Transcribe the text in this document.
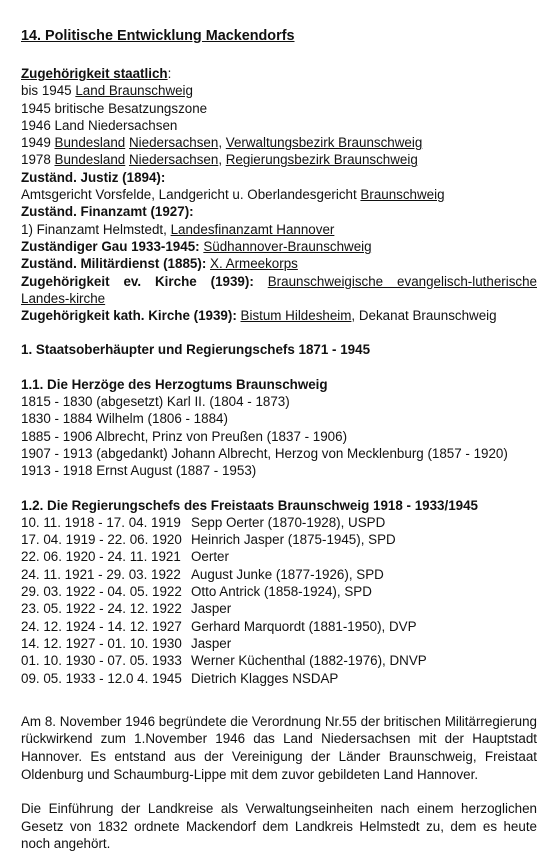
14. Politische Entwicklung Mackendorfs
Zugehörigkeit staatlich:
bis 1945 Land Braunschweig
1945 britische Besatzungszone
1946 Land Niedersachsen
1949 Bundesland Niedersachsen, Verwaltungsbezirk Braunschweig
1978 Bundesland Niedersachsen, Regierungsbezirk Braunschweig
Zuständ. Justiz (1894):
Amtsgericht Vorsfelde, Landgericht u. Oberlandesgericht Braunschweig
Zuständ. Finanzamt (1927):
1) Finanzamt Helmstedt, Landesfinanzamt Hannover
Zuständiger Gau 1933-1945: Südhannover-Braunschweig
Zuständ. Militärdienst (1885): X. Armeekorps
Zugehörigkeit ev. Kirche (1939): Braunschweigische evangelisch-lutherische Landes-kirche
Zugehörigkeit kath. Kirche (1939): Bistum Hildesheim, Dekanat Braunschweig
1. Staatsoberhäupter und Regierungschefs 1871 - 1945
1.1. Die Herzöge des Herzogtums Braunschweig
1815 - 1830 (abgesetzt) Karl II. (1804 - 1873)
1830 - 1884 Wilhelm (1806 - 1884)
1885 - 1906 Albrecht, Prinz von Preußen (1837 - 1906)
1907 - 1913 (abgedankt) Johann Albrecht, Herzog von Mecklenburg (1857 - 1920)
1913 - 1918 Ernst August (1887 - 1953)
1.2. Die Regierungschefs des Freistaats Braunschweig 1918 - 1933/1945
10. 11. 1918 - 17. 04. 1919	Sepp Oerter (1870-1928), USPD
17. 04. 1919 - 22. 06. 1920	Heinrich Jasper (1875-1945), SPD
22. 06. 1920 - 24. 11. 1921	Oerter
24. 11. 1921 - 29. 03. 1922	August Junke (1877-1926), SPD
29. 03. 1922 - 04. 05. 1922	Otto Antrick (1858-1924), SPD
23. 05. 1922 - 24. 12. 1922	Jasper
24. 12. 1924 - 14. 12. 1927	Gerhard Marquordt (1881-1950), DVP
14. 12. 1927 - 01. 10. 1930	Jasper
01. 10. 1930 - 07. 05. 1933	Werner Küchenthal (1882-1976), DNVP
09. 05. 1933 - 12.0 4. 1945	Dietrich Klagges NSDAP
Am 8. November 1946 begründete die Verordnung Nr.55 der britischen Militärregierung rückwirkend zum 1.November 1946 das Land Niedersachsen mit der Hauptstadt Hannover. Es entstand aus der Vereinigung der Länder Braunschweig, Freistaat Oldenburg und Schaumburg-Lippe mit dem zuvor gebildeten Land Hannover.
Die Einführung der Landkreise als Verwaltungseinheiten nach einem herzoglichen Gesetz von 1832 ordnete Mackendorf dem Landkreis Helmstedt zu, dem es heute noch angehört.
